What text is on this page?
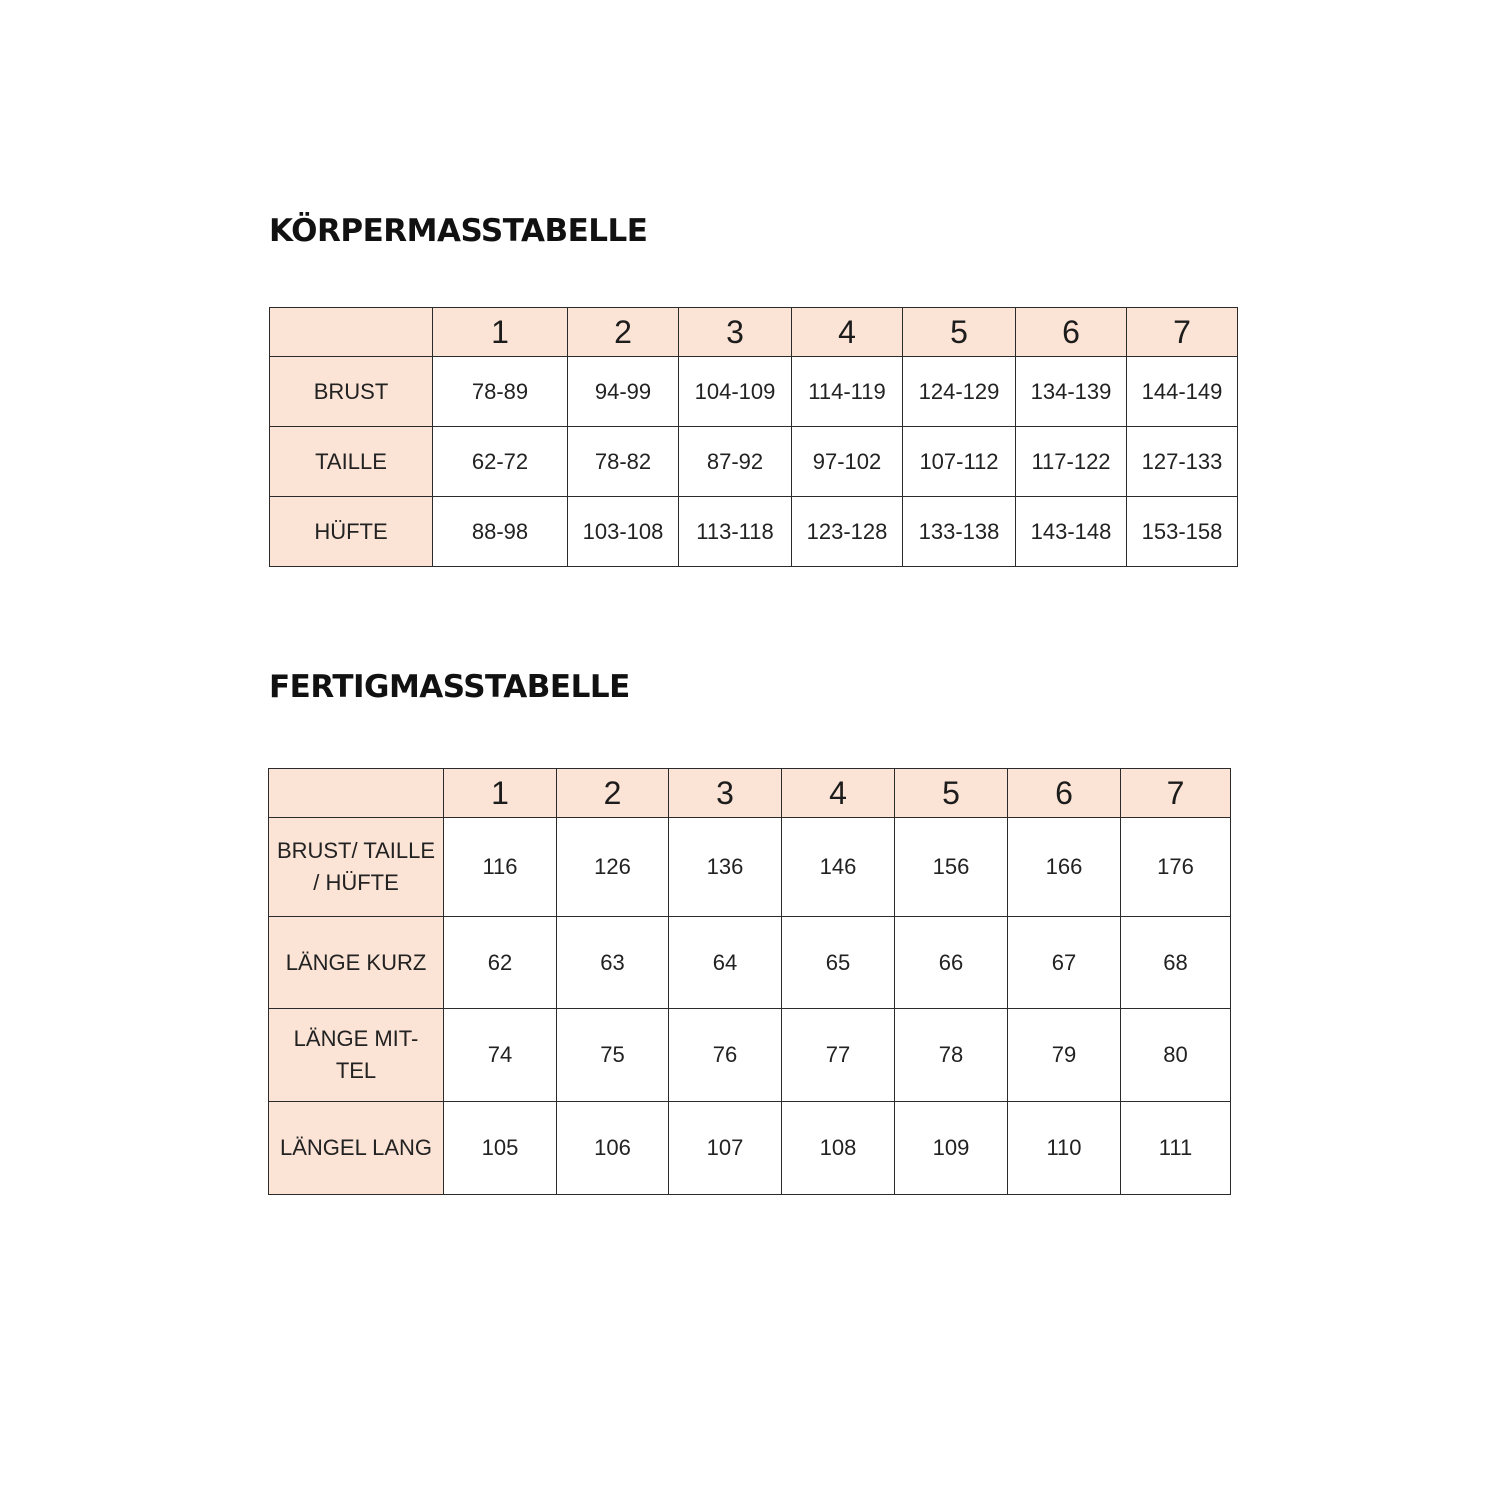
KÖRPERMASSTABELLE
	1	2	3	4	5	6	7
BRUST	78-89	94-99	104-109	114-119	124-129	134-139	144-149
TAILLE	62-72	78-82	87-92	97-102	107-112	117-122	127-133
HÜFTE	88-98	103-108	113-118	123-128	133-138	143-148	153-158
FERTIGMASSTABELLE
	1	2	3	4	5	6	7
BRUST/ TAILLE / HÜFTE	116	126	136	146	156	166	176
LÄNGE KURZ	62	63	64	65	66	67	68
LÄNGE MIT-TEL	74	75	76	77	78	79	80
LÄNGEL LANG	105	106	107	108	109	110	111
